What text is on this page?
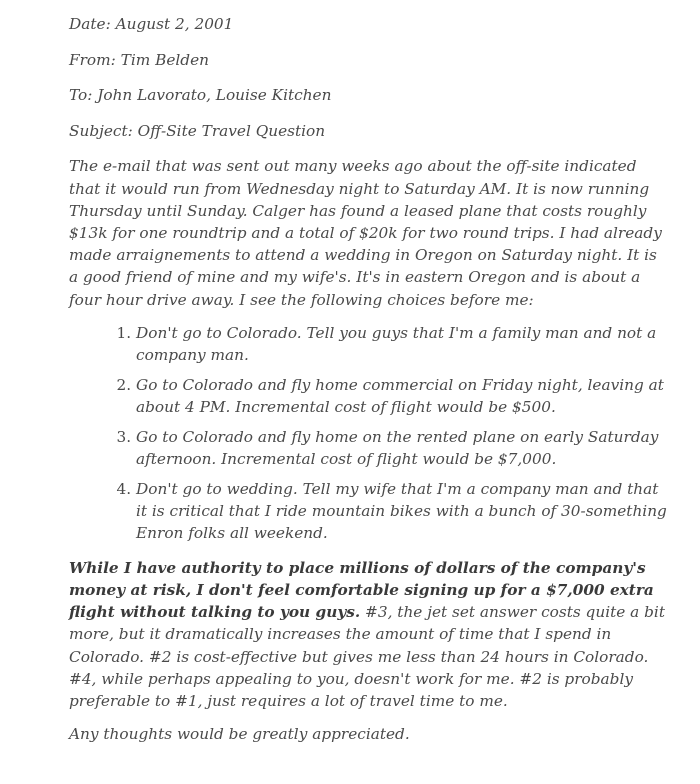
Date: August 2, 2001
From: Tim Belden
To: John Lavorato, Louise Kitchen
Subject: Off-Site Travel Question

The e-mail that was sent out many weeks ago about the off-site indicated that it would run from Wednesday night to Saturday AM. It is now running Thursday until Sunday. Calger has found a leased plane that costs roughly $13k for one roundtrip and a total of $20k for two round trips. I had already made arraignements to attend a wedding in Oregon on Saturday night. It is a good friend of mine and my wife's. It's in eastern Oregon and is about a four hour drive away. I see the following choices before me:

1. Don't go to Colorado. Tell you guys that I'm a family man and not a company man.
2. Go to Colorado and fly home commercial on Friday night, leaving at about 4 PM. Incremental cost of flight would be $500.
3. Go to Colorado and fly home on the rented plane on early Saturday afternoon. Incremental cost of flight would be $7,000.
4. Don't go to wedding. Tell my wife that I'm a company man and that it is critical that I ride mountain bikes with a bunch of 30-something Enron folks all weekend.

While I have authority to place millions of dollars of the company's money at risk, I don't feel comfortable signing up for a $7,000 extra flight without talking to you guys. #3, the jet set answer costs quite a bit more, but it dramatically increases the amount of time that I spend in Colorado. #2 is cost-effective but gives me less than 24 hours in Colorado. #4, while perhaps appealing to you, doesn't work for me. #2 is probably preferable to #1, just requires a lot of travel time to me.

Any thoughts would be greatly appreciated.
